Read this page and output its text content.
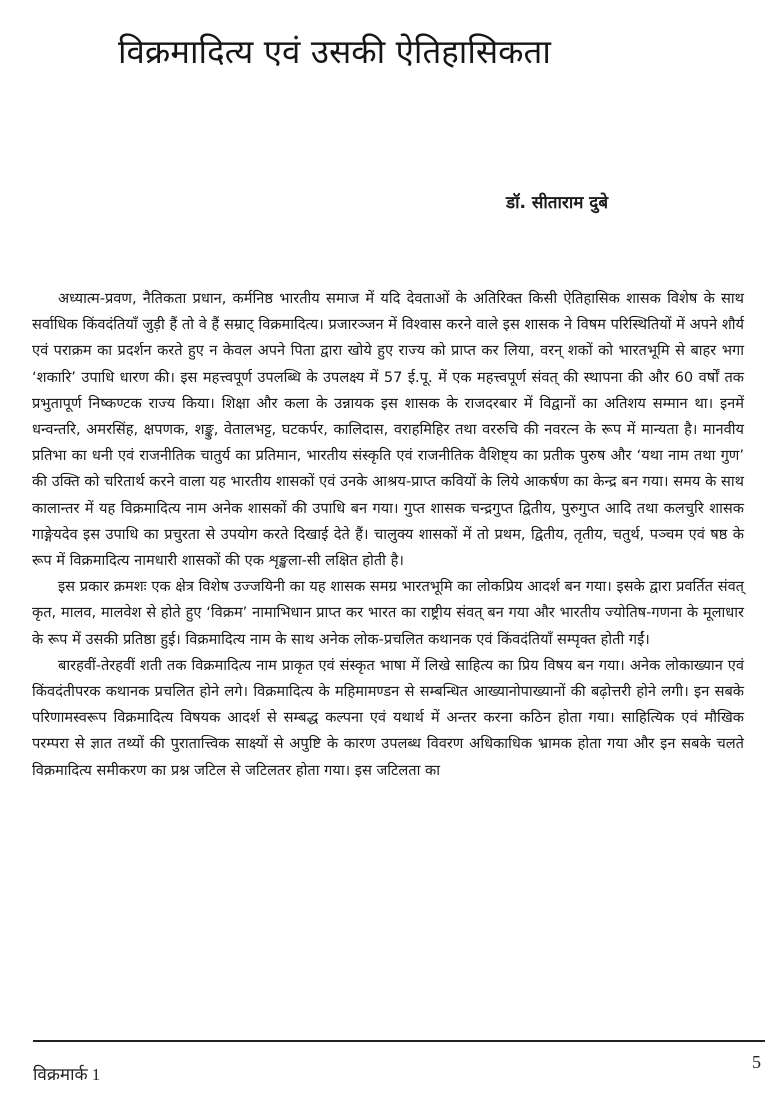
विक्रमादित्य एवं उसकी ऐतिहासिकता
डॉ. सीताराम दुबे

अध्यात्म-प्रवण, नैतिकता प्रधान, कर्मनिष्ठ भारतीय समाज में यदि देवताओं के अतिरिक्त किसी ऐतिहासिक शासक विशेष के साथ सर्वाधिक किंवदंतियाँ जुड़ी हैं तो वे हैं सम्राट् विक्रमादित्य। प्रजारञ्जन में विश्वास करने वाले इस शासक ने विषम परिस्थितियों में अपने शौर्य एवं पराक्रम का प्रदर्शन करते हुए न केवल अपने पिता द्वारा खोये हुए राज्य को प्राप्त कर लिया, वरन् शकों को भारतभूमि से बाहर भगा ‘शकारि’ उपाधि धारण की। इस महत्त्वपूर्ण उपलब्धि के उपलक्ष्य में 57 ई.पू. में एक महत्त्वपूर्ण संवत् की स्थापना की और 60 वर्षों तक प्रभुतापूर्ण निष्कण्टक राज्य किया। शिक्षा और कला के उन्नायक इस शासक के राजदरबार में विद्वानों का अतिशय सम्मान था। इनमें धन्वन्तरि, अमरसिंह, क्षपणक, शङ्कु, वेतालभट्ट, घटकर्पर, कालिदास, वराहमिहिर तथा वररुचि की नवरत्न के रूप में मान्यता है। मानवीय प्रतिभा का धनी एवं राजनीतिक चातुर्य का प्रतिमान, भारतीय संस्कृति एवं राजनीतिक वैशिष्ट्य का प्रतीक पुरुष और ‘यथा नाम तथा गुण’ की उक्ति को चरितार्थ करने वाला यह भारतीय शासकों एवं उनके आश्रय-प्राप्त कवियों के लिये आकर्षण का केन्द्र बन गया। समय के साथ कालान्तर में यह विक्रमादित्य नाम अनेक शासकों की उपाधि बन गया। गुप्त शासक चन्द्रगुप्त द्वितीय, पुरुगुप्त आदि तथा कलचुरि शासक गाङ्गेयदेव इस उपाधि का प्रचुरता से उपयोग करते दिखाई देते हैं। चालुक्य शासकों में तो प्रथम, द्वितीय, तृतीय, चतुर्थ, पञ्चम एवं षष्ठ के रूप में विक्रमादित्य नामधारी शासकों की एक शृङ्खला-सी लक्षित होती है।

इस प्रकार क्रमशः एक क्षेत्र विशेष उज्जयिनी का यह शासक समग्र भारतभूमि का लोकप्रिय आदर्श बन गया। इसके द्वारा प्रवर्तित संवत् कृत, मालव, मालवेश से होते हुए ‘विक्रम’ नामाभिधान प्राप्त कर भारत का राष्ट्रीय संवत् बन गया और भारतीय ज्योतिष-गणना के मूलाधार के रूप में उसकी प्रतिष्ठा हुई। विक्रमादित्य नाम के साथ अनेक लोक-प्रचलित कथानक एवं किंवदंतियाँ सम्पृक्त होती गईं।

बारहवीं-तेरहवीं शती तक विक्रमादित्य नाम प्राकृत एवं संस्कृत भाषा में लिखे साहित्य का प्रिय विषय बन गया। अनेक लोकाख्यान एवं किंवदंतीपरक कथानक प्रचलित होने लगे। विक्रमादित्य के महिमामण्डन से सम्बन्धित आख्यानोपाख्यानों की बढ़ोत्तरी होने लगी। इन सबके परिणामस्वरूप विक्रमादित्य विषयक आदर्श से सम्बद्ध कल्पना एवं यथार्थ में अन्तर करना कठिन होता गया। साहित्यिक एवं मौखिक परम्परा से ज्ञात तथ्यों की पुरातात्त्विक साक्ष्यों से अपुष्टि के कारण उपलब्ध विवरण अधिकाधिक भ्रामक होता गया और इन सबके चलते विक्रमादित्य समीकरण का प्रश्न जटिल से जटिलतर होता गया। इस जटिलता का

विक्रमार्क 1
5
